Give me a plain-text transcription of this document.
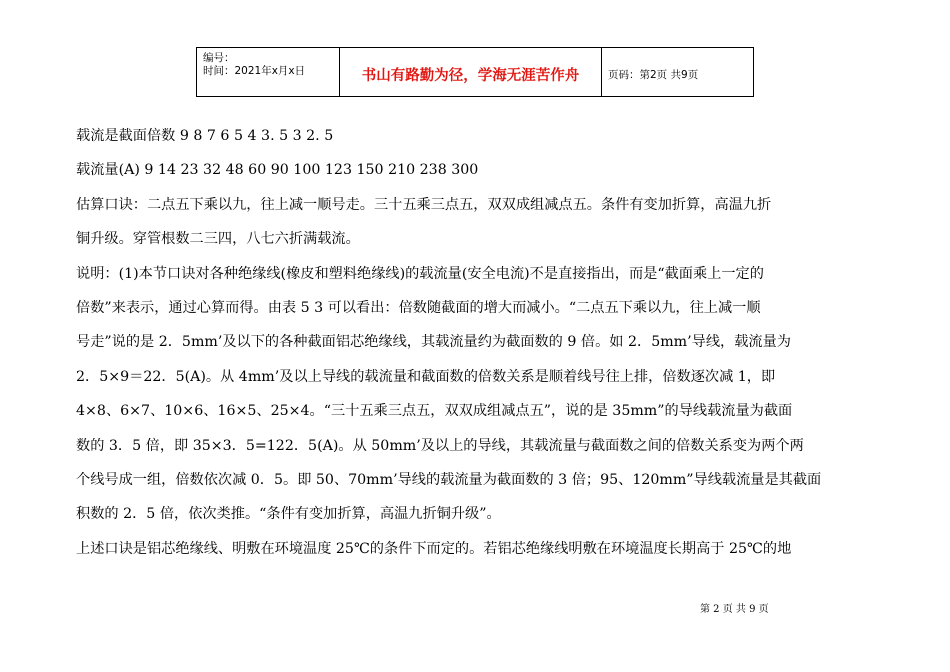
编号：
时间：2021年x月x日	书山有路勤为径，学海无涯苦作舟	页码：第2页 共9页

载流是截面倍数 9 8 7 6 5 4 3. 5 3 2. 5

载流量(A) 9 14 23 32 48 60 90 100 123 150 210 238 300

估算口诀：二点五下乘以九，往上减一顺号走。三十五乘三点五，双双成组减点五。条件有变加折算，高温九折

铜升级。穿管根数二三四，八七六折满载流。

说明：(1)本节口诀对各种绝缘线(橡皮和塑料绝缘线)的载流量(安全电流)不是直接指出，而是“截面乘上一定的

倍数”来表示，通过心算而得。由表 5 3 可以看出：倍数随截面的增大而减小。“二点五下乘以九，往上减一顺

号走”说的是 2．5mm’及以下的各种截面铝芯绝缘线，其载流量约为截面数的 9 倍。如 2．5mm’导线，载流量为

2．5×9＝22．5(A)。从 4mm’及以上导线的载流量和截面数的倍数关系是顺着线号往上排，倍数逐次减 1，即

4×8、6×7、10×6、16×5、25×4。“三十五乘三点五，双双成组减点五”，说的是 35mm”的导线载流量为截面

数的 3．5 倍，即 35×3．5=122．5(A)。从 50mm’及以上的导线，其载流量与截面数之间的倍数关系变为两个两

个线号成一组，倍数依次减 0．5。即 50、70mm’导线的载流量为截面数的 3 倍；95、120mm”导线载流量是其截面

积数的 2．5 倍，依次类推。“条件有变加折算，高温九折铜升级”。

上述口诀是铝芯绝缘线、明敷在环境温度 25℃的条件下而定的。若铝芯绝缘线明敷在环境温度长期高于 25℃的地

第 2 页 共 9 页
